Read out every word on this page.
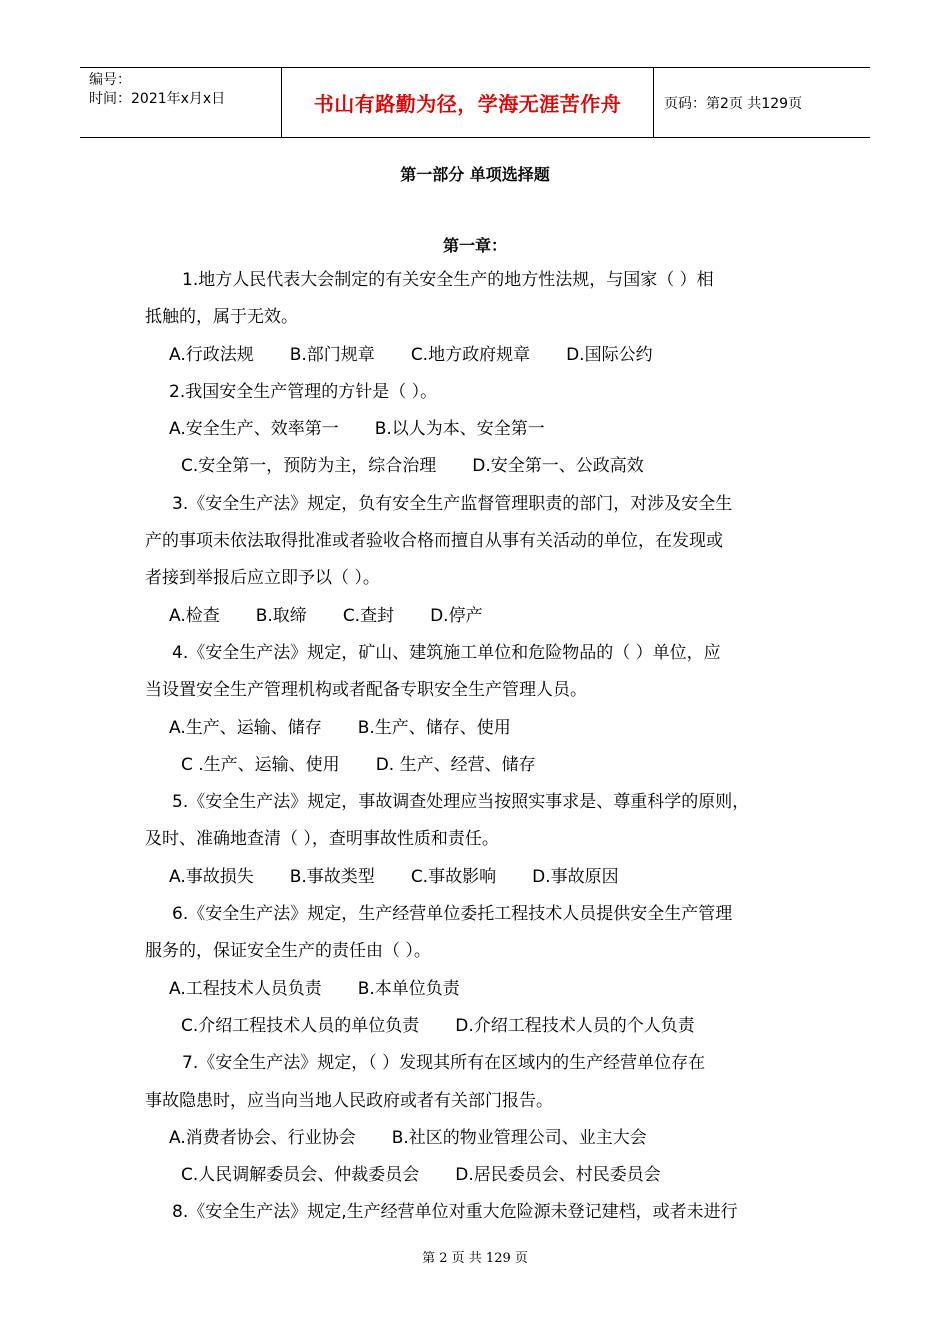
编号：
时间：2021年x月x日	书山有路勤为径，学海无涯苦作舟	页码：第2页 共129页
第一部分 单项选择题
第一章：
1.地方人民代表大会制定的有关安全生产的地方性法规，与国家（ ）相
抵触的，属于无效。
A.行政法规 B.部门规章 C.地方政府规章 D.国际公约
2.我国安全生产管理的方针是（ ）。
A.安全生产、效率第一 B.以人为本、安全第一
C.安全第一，预防为主，综合治理 D.安全第一、公政高效
3.《安全生产法》规定，负有安全生产监督管理职责的部门，对涉及安全生
产的事项未依法取得批准或者验收合格而擅自从事有关活动的单位，在发现或
者接到举报后应立即予以（ ）。
A.检查 B.取缔 C.查封 D.停产
4.《安全生产法》规定，矿山、建筑施工单位和危险物品的（ ）单位，应
当设置安全生产管理机构或者配备专职安全生产管理人员。
A.生产、运输、储存 B.生产、储存、使用
C .生产、运输、使用 D. 生产、经营、储存
5.《安全生产法》规定，事故调查处理应当按照实事求是、尊重科学的原则，
及时、准确地查清（ ），查明事故性质和责任。
A.事故损失 B.事故类型 C.事故影响 D.事故原因
6.《安全生产法》规定，生产经营单位委托工程技术人员提供安全生产管理
服务的，保证安全生产的责任由（ ）。
A.工程技术人员负责 B.本单位负责
C.介绍工程技术人员的单位负责 D.介绍工程技术人员的个人负责
7.《安全生产法》规定，（ ）发现其所有在区域内的生产经营单位存在
事故隐患时，应当向当地人民政府或者有关部门报告。
A.消费者协会、行业协会 B.社区的物业管理公司、业主大会
C.人民调解委员会、仲裁委员会 D.居民委员会、村民委员会
8.《安全生产法》规定,生产经营单位对重大危险源未登记建档，或者未进行
第 2 页 共 129 页
